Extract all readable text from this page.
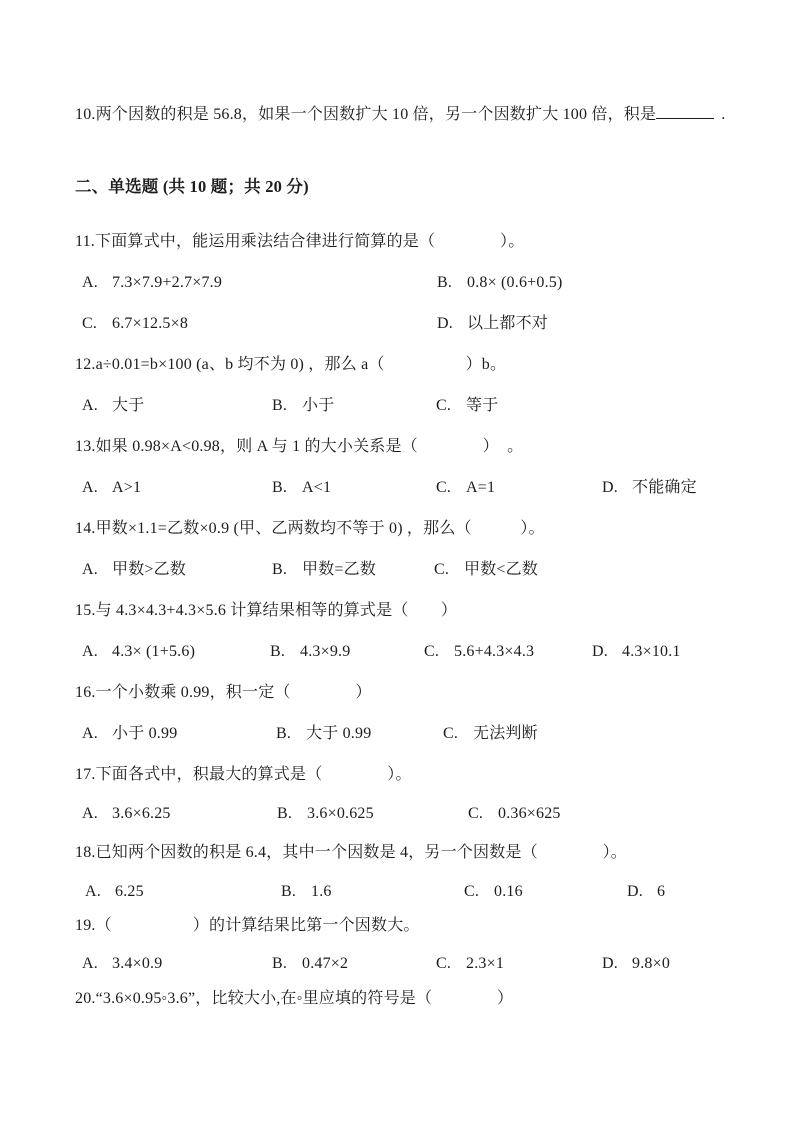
10.两个因数的积是 56.8，如果一个因数扩大 10 倍，另一个因数扩大 100 倍，积是	.
二、单选题 (共 10 题；共 20 分)
11.下面算式中，能运用乘法结合律进行简算的是（　　　　）。
A. 7.3×7.9+2.7×7.9	B. 0.8× (0.6+0.5)
C. 6.7×12.5×8	D. 以上都不对
12.a÷0.01=b×100 (a、b 均不为 0) ，那么 a（　　　　　）b。
A. 大于	B. 小于	C. 等于
13.如果 0.98×A<0.98，则 A 与 1 的大小关系是（　　　　）　。
A. A>1	B. A<1	C. A=1	D. 不能确定
14.甲数×1.1=乙数×0.9 (甲、乙两数均不等于 0) ，那么（　　　）。
A. 甲数>乙数	B. 甲数=乙数	C. 甲数<乙数
15.与 4.3×4.3+4.3×5.6 计算结果相等的算式是（　　）
A. 4.3× (1+5.6)	B. 4.3×9.9	C. 5.6+4.3×4.3	D. 4.3×10.1
16.一个小数乘 0.99，积一定（　　　　）
A. 小于 0.99	B. 大于 0.99	C. 无法判断
17.下面各式中，积最大的算式是（　　　　）。
A. 3.6×6.25	B. 3.6×0.625	C. 0.36×625
18.已知两个因数的积是 6.4，其中一个因数是 4，另一个因数是（　　　　）。
A. 6.25	B. 1.6	C. 0.16	D. 6
19.（　　　　　）的计算结果比第一个因数大。
A. 3.4×0.9	B. 0.47×2	C. 2.3×1	D. 9.8×0
20.“3.6×0.95◦3.6”，比较大小,在◦里应填的符号是（　　　　）
